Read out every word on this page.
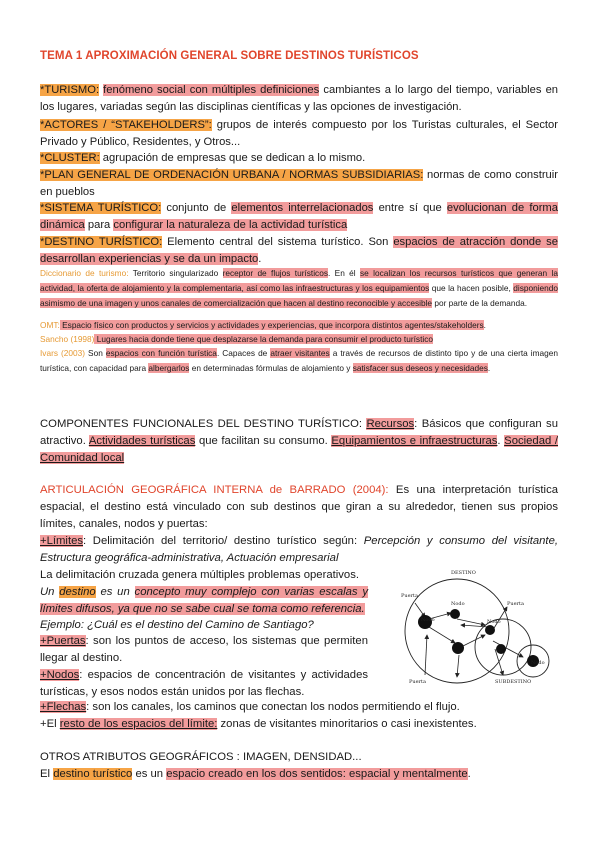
TEMA 1 APROXIMACIÓN GENERAL SOBRE DESTINOS TURÍSTICOS
*TURISMO: fenómeno social con múltiples definiciones cambiantes a lo largo del tiempo, variables en los lugares, variadas según las disciplinas científicas y las opciones de investigación.
*ACTORES / “STAKEHOLDERS”: grupos de interés compuesto por los Turistas culturales, el Sector Privado y Público, Residentes, y Otros...
*CLUSTER: agrupación de empresas que se dedican a lo mismo.
*PLAN GENERAL DE ORDENACIÓN URBANA / NORMAS SUBSIDIARIAS: normas de como construir en pueblos
*SISTEMA TURÍSTICO: conjunto de elementos interrelacionados entre sí que evolucionan de forma dinámica para configurar la naturaleza de la actividad turística
*DESTINO TURÍSTICO: Elemento central del sistema turístico. Son espacios de atracción donde se desarrollan experiencias y se da un impacto.
Diccionario de turismo: Territorio singularizado receptor de flujos turísticos. En él se localizan los recursos turísticos que generan la actividad, la oferta de alojamiento y la complementaria, así como las infraestructuras y los equipamientos que la hacen posible, disponiendo asimismo de una imagen y unos canales de comercialización que hacen al destino reconocible y accesible por parte de la demanda.
OMT: Espacio físico con productos y servicios y actividades y experiencias, que incorpora distintos agentes/stakeholders.
Sancho (1998) Lugares hacia donde tiene que desplazarse la demanda para consumir el producto turístico
Ivars (2003) Son espacios con función turística. Capaces de atraer visitantes a través de recursos de distinto tipo y de una cierta imagen turística, con capacidad para albergarlos en determinadas fórmulas de alojamiento y satisfacer sus deseos y necesidades.
COMPONENTES FUNCIONALES DEL DESTINO TURÍSTICO: Recursos: Básicos que configuran su atractivo. Actividades turísticas que facilitan su consumo. Equipamientos e infraestructuras. Sociedad / Comunidad local
ARTICULACIÓN GEOGRÁFICA INTERNA de BARRADO (2004): Es una interpretación turística espacial, el destino está vinculado con sub destinos que giran a su alrededor, tienen sus propios límites, canales, nodos y puertas:
+Límites: Delimitación del territorio/ destino turístico según: Percepción y consumo del visitante, Estructura geográfica-administrativa, Actuación empresarial
La delimitación cruzada genera múltiples problemas operativos.
Un destino es un concepto muy complejo con varias escalas y límites difusos, ya que no se sabe cual se toma como referencia.
Ejemplo: ¿Cuál es el destino del Camino de Santiago?
+Puertas: son los puntos de acceso, los sistemas que permiten llegar al destino.
+Nodos: espacios de concentración de visitantes y actividades turísticas, y esos nodos están unidos por las flechas.
+Flechas: son los canales, los caminos que conectan los nodos permitiendo el flujo.
+El resto de los espacios del límite: zonas de visitantes minoritarios o casi inexistentes.
OTROS ATRIBUTOS GEOGRÁFICOS : IMAGEN, DENSIDAD...
El destino turístico es un espacio creado en los dos sentidos: espacial y mentalmente.
DESTINO
Puerta
Puerta
Puerta
Nodo
Nodo	Nodo
Nodo
SUBDESTINO
